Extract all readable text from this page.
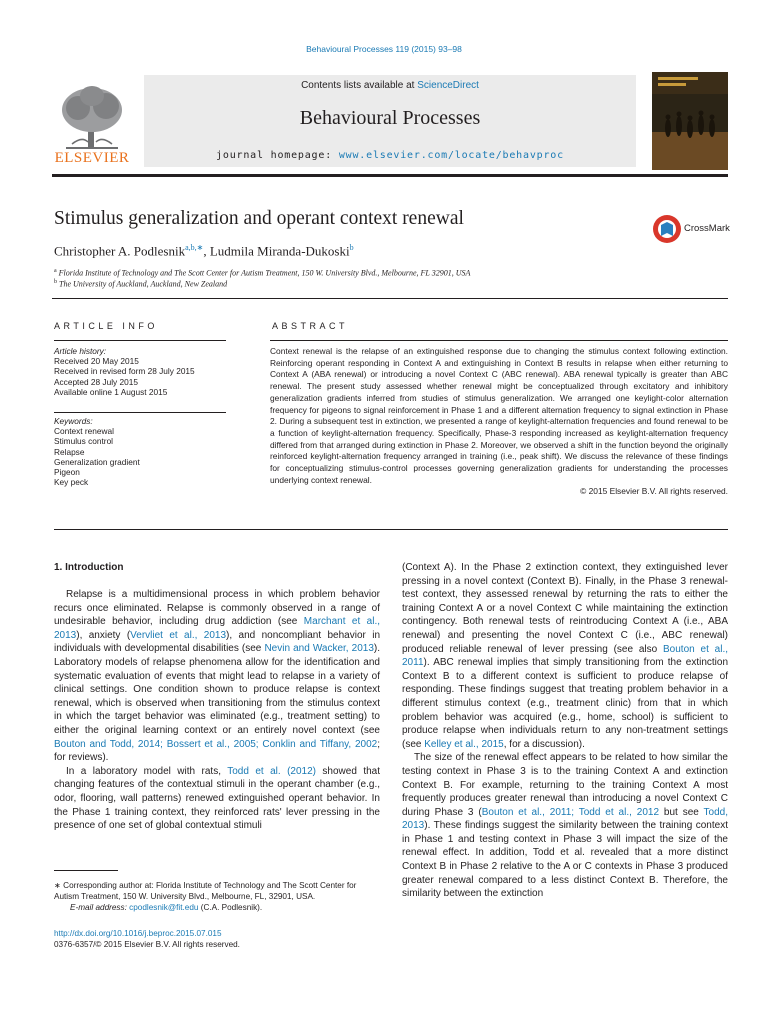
Behavioural Processes 119 (2015) 93–98
ELSEVIER
Contents lists available at ScienceDirect
Behavioural Processes
journal homepage: www.elsevier.com/locate/behavproc
Stimulus generalization and operant context renewal	CrossMark
Christopher A. Podlesnik$^{a,b,∗}$, Ludmila Miranda-Dukoski$^b$
$^a$ Florida Institute of Technology and The Scott Center for Autism Treatment, 150 W. University Blvd., Melbourne, FL 32901, USA
$^b$ The University of Auckland, Auckland, New Zealand
ARTICLE INFO	ABSTRACT
Article history:
Received 20 May 2015
Received in revised form 28 July 2015
Accepted 28 July 2015
Available online 1 August 2015
Keywords:
Context renewal
Stimulus control
Relapse
Generalization gradient
Pigeon
Key peck

Context renewal is the relapse of an extinguished response due to changing the stimulus context following extinction. Reinforcing operant responding in Context A and extinguishing in Context B results in relapse when either returning to Context A (ABA renewal) or introducing a novel Context C (ABC renewal). ABA renewal typically is greater than ABC renewal. The present study assessed whether renewal might be conceptualized through excitatory and inhibitory generalization gradients inferred from studies of stimulus generalization. We arranged one keylight-color alternation frequency for pigeons to signal reinforcement in Phase 1 and a different alternation frequency to signal extinction in Phase 2. During a subsequent test in extinction, we presented a range of keylight-alternation frequencies and found renewal to be a function of keylight-alternation frequency. Specifically, Phase-3 responding increased as keylight-alternation frequency differed from that arranged during extinction in Phase 2. Moreover, we observed a shift in the function beyond the originally reinforced keylight-alternation frequency arranged in training (i.e., peak shift). We discuss the relevance of these findings for conceptualizing stimulus-control processes governing generalization gradients for understanding the processes underlying context renewal.

© 2015 Elsevier B.V. All rights reserved.

1. Introduction

Relapse is a multidimensional process in which problem behavior recurs once eliminated. Relapse is commonly observed in a range of undesirable behavior, including drug addiction (see Marchant et al., 2013), anxiety (Vervliet et al., 2013), and noncompliant behavior in individuals with developmental disabilities (see Nevin and Wacker, 2013). Laboratory models of relapse phenomena allow for the identification and systematic evaluation of events that might lead to relapse in a variety of clinical settings. One condition shown to produce relapse is context renewal, which is observed when transitioning from the stimulus context in which the target behavior was eliminated (e.g., treatment setting) to either the original learning context or an entirely novel context (see Bouton and Todd, 2014; Bossert et al., 2005; Conklin and Tiffany, 2002; for reviews).

In a laboratory model with rats, Todd et al. (2012) showed that changing features of the contextual stimuli in the operant chamber (e.g., odor, flooring, wall patterns) renewed extinguished operant behavior. In the Phase 1 training context, they reinforced rats' lever pressing in the presence of one set of global contextual stimuli

(Context A). In the Phase 2 extinction context, they extinguished lever pressing in a novel context (Context B). Finally, in the Phase 3 renewal-test context, they assessed renewal by returning the rats to either the training Context A or a novel Context C while maintaining the extinction contingency. Both renewal tests of reintroducing Context A (i.e., ABA renewal) and presenting the novel Context C (i.e., ABC renewal) produced reliable renewal of lever pressing (see also Bouton et al., 2011). ABC renewal implies that simply transitioning from the extinction Context B to a different context is sufficient to produce relapse of responding. These findings suggest that treating problem behavior in a different stimulus context (e.g., treatment clinic) from that in which problem behavior was acquired (e.g., home, school) is sufficient to produce relapse when individuals return to any non-treatment settings (see Kelley et al., 2015, for a discussion).

The size of the renewal effect appears to be related to how similar the testing context in Phase 3 is to the training Context A and extinction Context B. For example, returning to the training Context A most frequently produces greater renewal than introducing a novel Context C during Phase 3 (Bouton et al., 2011; Todd et al., 2012 but see Todd, 2013). These findings suggest the similarity between the training context in Phase 1 and testing context in Phase 3 will impact the size of the renewal effect. In addition, Todd et al. revealed that a more distinct Context B in Phase 2 relative to the A or C contexts in Phase 3 produced greater renewal compared to a less distinct Context B. Therefore, the similarity between the extinction

∗ Corresponding author at: Florida Institute of Technology and The Scott Center for Autism Treatment, 150 W. University Blvd., Melbourne, FL, 32901, USA.
E-mail address: cpodlesnik@fit.edu (C.A. Podlesnik).
http://dx.doi.org/10.1016/j.beproc.2015.07.015
0376-6357/© 2015 Elsevier B.V. All rights reserved.
